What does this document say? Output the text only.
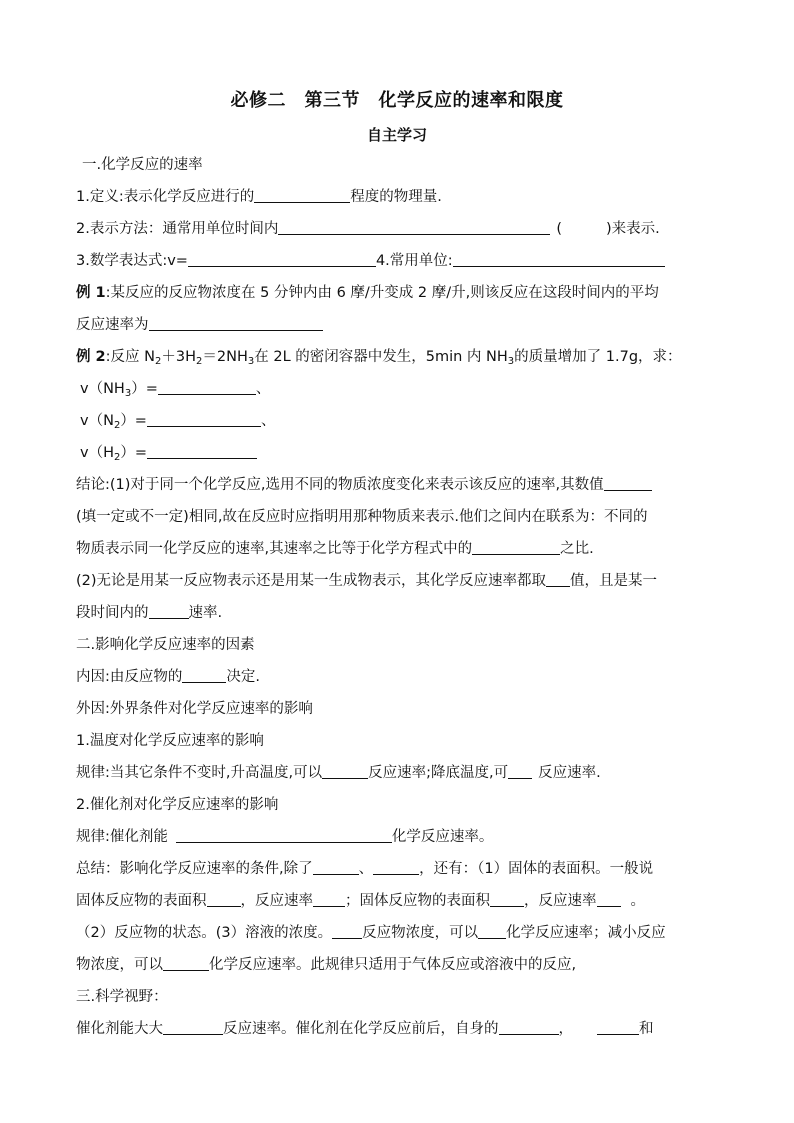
必修二　第三节　化学反应的速率和限度
自主学习
一.化学反应的速率
1.定义:表示化学反应进行的	程度的物理量.
2.表示方法：通常用单位时间内	(	)来表示.
3.数学表达式:v=	4.常用单位:
例 1:某反应的反应物浓度在 5 分钟内由 6 摩/升变成 2 摩/升,则该反应在这段时间内的平均
反应速率为
例 2:反应 $N_2+3H_2=2NH_3$在 2L 的密闭容器中发生，5min 内 $NH_3$的质量增加了 1.7g，求：
$v(NH_3)=$	、
$v(N_2)=$	、
$v(H_2)=$
结论:(1)对于同一个化学反应,选用不同的物质浓度变化来表示该反应的速率,其数值
(填一定或不一定)相同,故在反应时应指明用那种物质来表示.他们之间内在联系为：不同的
物质表示同一化学反应的速率,其速率之比等于化学方程式中的	之比.
(2)无论是用某一反应物表示还是用某一生成物表示，其化学反应速率都取 值，且是某一
段时间内的	速率.
二.影响化学反应速率的因素
内因:由反应物的	决定.
外因:外界条件对化学反应速率的影响
1.温度对化学反应速率的影响
规律:当其它条件不变时,升高温度,可以	反应速率;降底温度,可 反应速率.
2.催化剂对化学反应速率的影响
规律:催化剂能	化学反应速率。
总结：影响化学反应速率的条件,除了	、	，还有：（1）固体的表面积。一般说
固体反应物的表面积 ，反应速率 ；固体反应物的表面积 ，反应速率 。
（2）反应物的状态。(3）溶液的浓度。 反应物浓度，可以 化学反应速率；减小反应
物浓度，可以	化学反应速率。此规律只适用于气体反应或溶液中的反应,
三.科学视野：
催化剂能大大	反应速率。催化剂在化学反应前后，自身的	，	和
